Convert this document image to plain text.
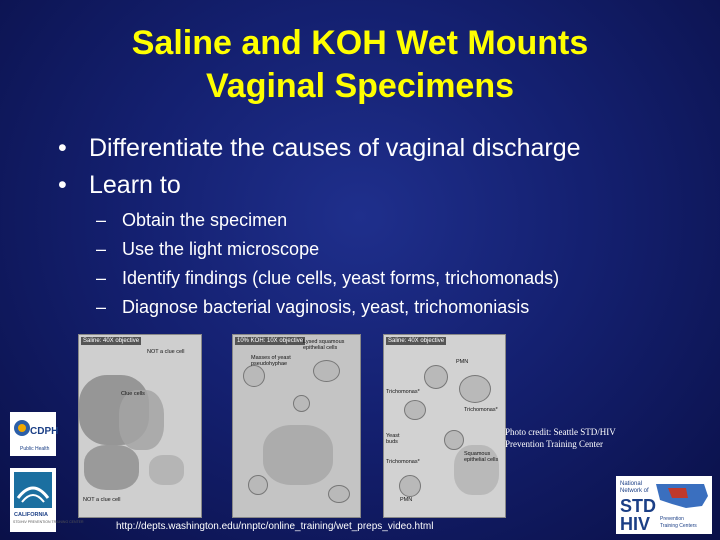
Saline and KOH Wet Mounts
Vaginal Specimens
• Differentiate the causes of vaginal discharge
• Learn to
– Obtain the specimen
– Use the light microscope
– Identify findings (clue cells, yeast forms, trichomonads)
– Diagnose bacterial vaginosis, yeast, trichomoniasis
Saline: 40X objective
NOT a clue cell
Clue cells
NOT a clue cell
10% KOH: 10X objective
Masses of yeast pseudohyphae
Lysed squamous epithelial cells
Saline: 40X objective
PMN
Trichomonas*
Trichomonas*
Yeast buds
Trichomonas*
Squamous epithelial cells
PMN
Photo credit: Seattle STD/HIV
Prevention Training Center
http://depts.washington.edu/nnptc/online_training/wet_preps_video.html
CDPH
Public Health
CALIFORNIA
STD/HIV PREVENTION TRAINING CENTER
National
Network of
STD
HIV Prevention
Training Centers
